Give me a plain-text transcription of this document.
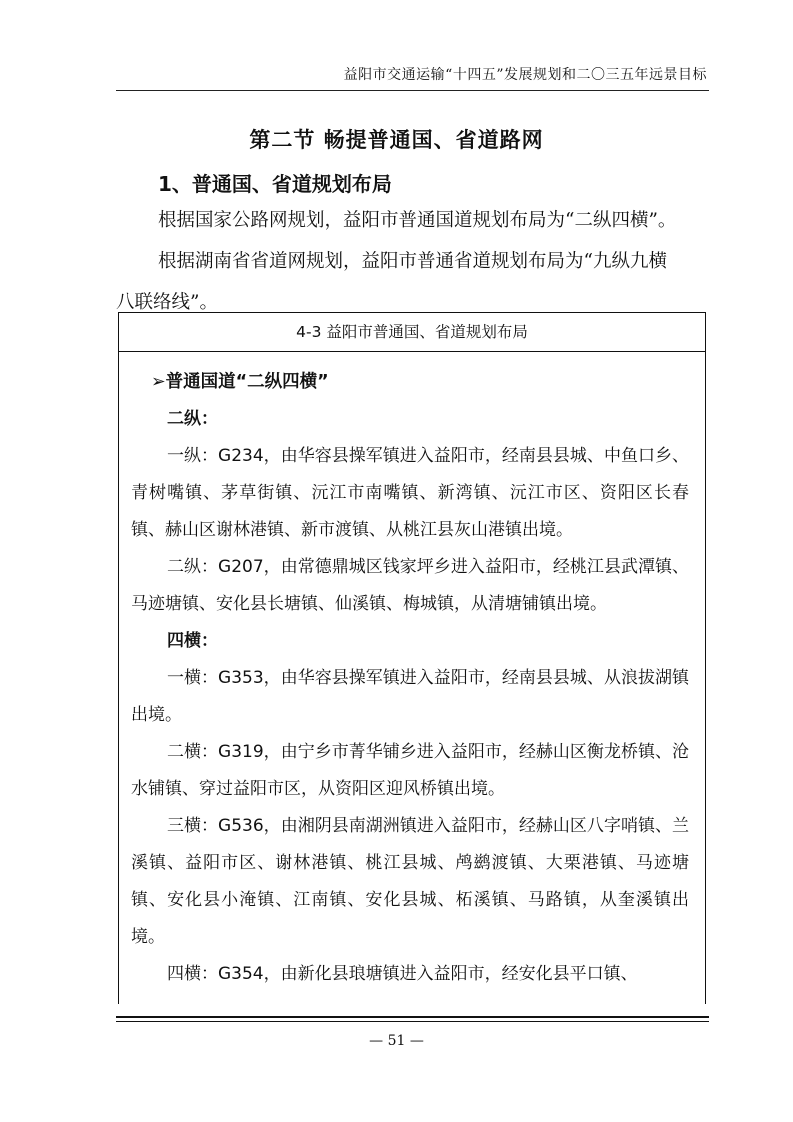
益阳市交通运输“十四五”发展规划和二〇三五年远景目标
第二节 畅提普通国、省道路网
1、普通国、省道规划布局
根据国家公路网规划，益阳市普通国道规划布局为“二纵四横”。
根据湖南省省道网规划，益阳市普通省道规划布局为“九纵九横
八联络线”。
4-3 益阳市普通国、省道规划布局

➢普通国道“二纵四横”

二纵：

一纵：G234，由华容县操军镇进入益阳市，经南县县城、中鱼口乡、青树嘴镇、茅草街镇、沅江市南嘴镇、新湾镇、沅江市区、资阳区长春镇、赫山区谢林港镇、新市渡镇、从桃江县灰山港镇出境。

二纵：G207，由常德鼎城区钱家坪乡进入益阳市，经桃江县武潭镇、马迹塘镇、安化县长塘镇、仙溪镇、梅城镇，从清塘铺镇出境。

四横：

一横：G353，由华容县操军镇进入益阳市，经南县县城、从浪拔湖镇出境。

二横：G319，由宁乡市菁华铺乡进入益阳市，经赫山区衡龙桥镇、沧水铺镇、穿过益阳市区，从资阳区迎风桥镇出境。

三横：G536，由湘阴县南湖洲镇进入益阳市，经赫山区八字哨镇、兰溪镇、益阳市区、谢林港镇、桃江县城、鸬鹚渡镇、大栗港镇、马迹塘镇、安化县小淹镇、江南镇、安化县城、柘溪镇、马路镇，从奎溪镇出境。

四横：G354，由新化县琅塘镇进入益阳市，经安化县平口镇、

— 51 —
